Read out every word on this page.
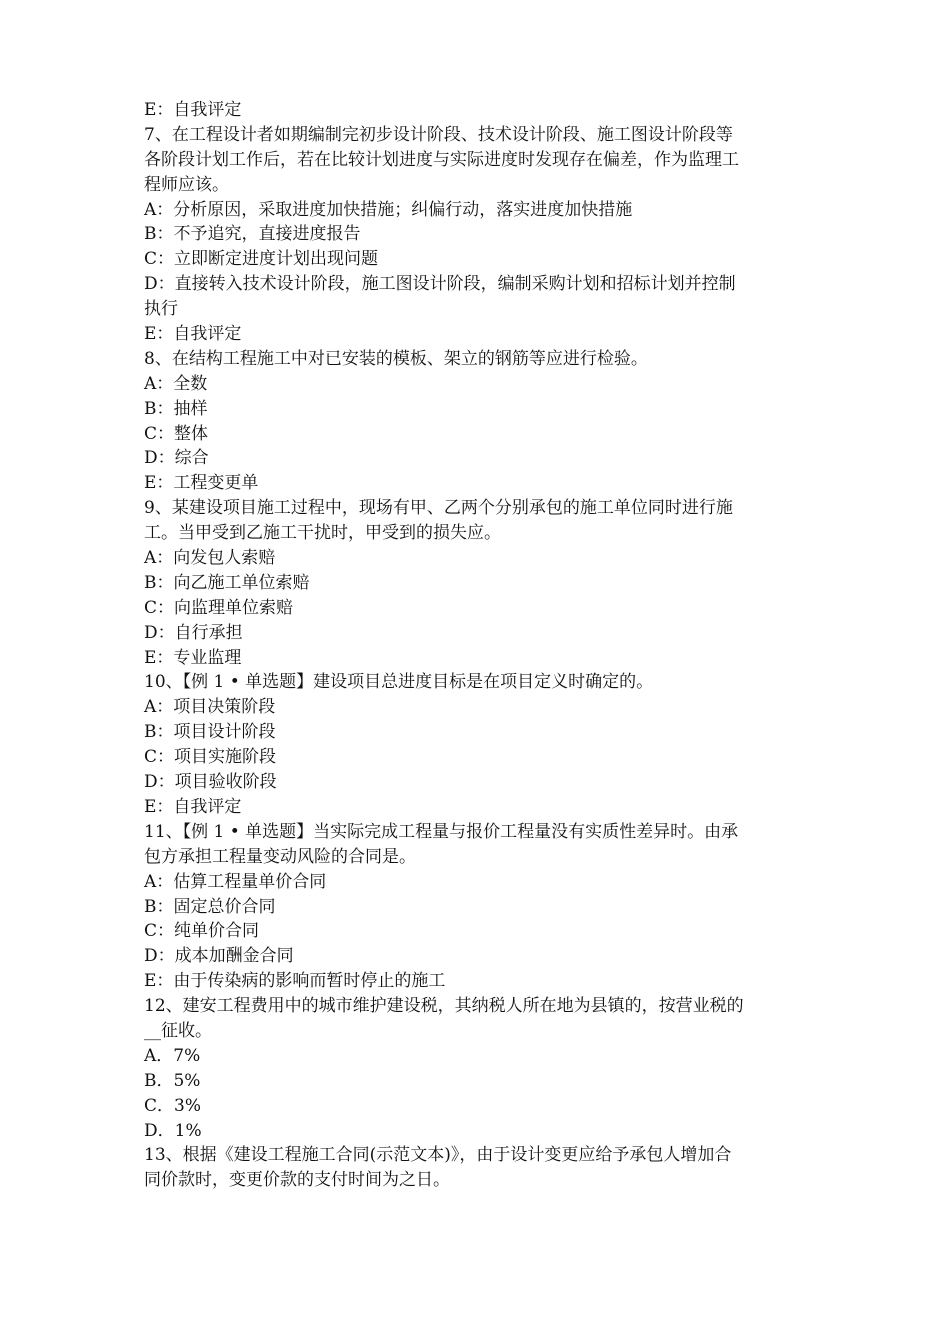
E：自我评定
7、在工程设计者如期编制完初步设计阶段、技术设计阶段、施工图设计阶段等
各阶段计划工作后，若在比较计划进度与实际进度时发现存在偏差，作为监理工
程师应该。
A：分析原因，采取进度加快措施；纠偏行动，落实进度加快措施
B：不予追究，直接进度报告
C：立即断定进度计划出现问题
D：直接转入技术设计阶段，施工图设计阶段，编制采购计划和招标计划并控制
执行
E：自我评定
8、在结构工程施工中对已安装的模板、架立的钢筋等应进行检验。
A：全数
B：抽样
C：整体
D：综合
E：工程变更单
9、某建设项目施工过程中，现场有甲、乙两个分别承包的施工单位同时进行施
工。当甲受到乙施工干扰时，甲受到的损失应。
A：向发包人索赔
B：向乙施工单位索赔
C：向监理单位索赔
D：自行承担
E：专业监理
10、【例 1 • 单选题】建设项目总进度目标是在项目定义时确定的。
A：项目决策阶段
B：项目设计阶段
C：项目实施阶段
D：项目验收阶段
E：自我评定
11、【例 1 • 单选题】当实际完成工程量与报价工程量没有实质性差异时。由承
包方承担工程量变动风险的合同是。
A：估算工程量单价合同
B：固定总价合同
C：纯单价合同
D：成本加酬金合同
E：由于传染病的影响而暂时停止的施工
12、建安工程费用中的城市维护建设税，其纳税人所在地为县镇的，按营业税的
__征收。
A．7%
B．5%
C．3%
D．1%
13、根据《建设工程施工合同(示范文本)》，由于设计变更应给予承包人增加合
同价款时，变更价款的支付时间为之日。
